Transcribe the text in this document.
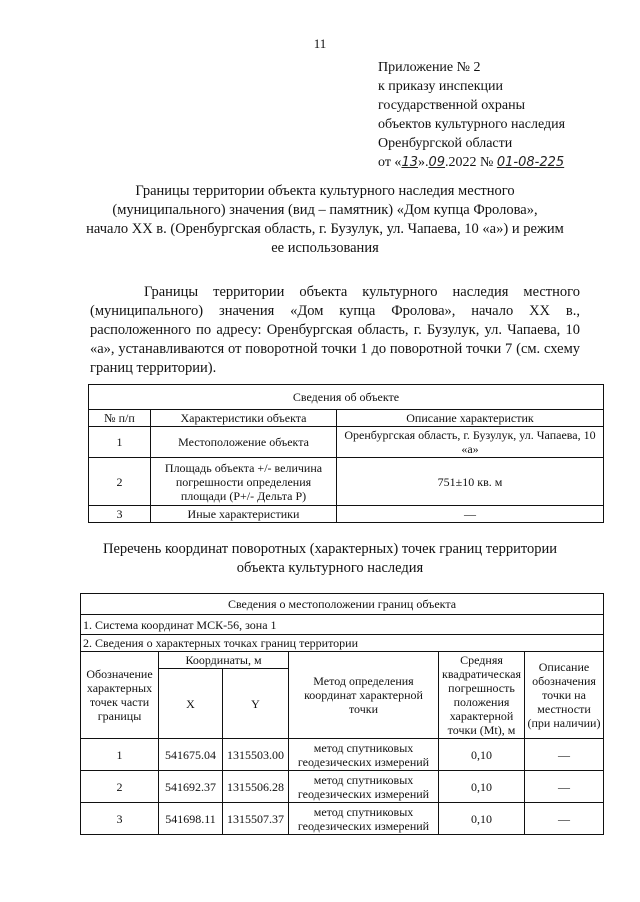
11
Приложение № 2
к приказу инспекции
государственной охраны
объектов культурного наследия
Оренбургской области
от «13».09.2022 № 01-08-225
Границы территории объекта культурного наследия местного
(муниципального) значения (вид – памятник) «Дом купца Фролова»,
начало XX в. (Оренбургская область, г. Бузулук, ул. Чапаева, 10 «а») и режим
ее использования
Границы территории объекта культурного наследия местного (муниципального) значения «Дом купца Фролова», начало XX в., расположенного по адресу: Оренбургская область, г. Бузулук, ул. Чапаева, 10 «а», устанавливаются от поворотной точки 1 до поворотной точки 7 (см. схему границ территории).
Сведения об объекте		
№ п/п	Характеристики объекта	Описание характеристик
1	Местоположение объекта	Оренбургская область, г. Бузулук, ул. Чапаева, 10 «а»
2	Площадь объекта +/- величина погрешности определения площади (P+/- Дельта P)	751±10 кв. м
3	Иные характеристики	—
Перечень координат поворотных (характерных) точек границ территории
объекта культурного наследия
Сведения о местоположении границ объекта					
1. Система координат МСК-56, зона 1					
2. Сведения о характерных точках границ территории					
Обозначение характерных точек части границы	Координаты, м		Метод определения координат характерной точки	Средняя квадратическая погрешность положения характерной точки (Mt), м	Описание обозначения точки на местности (при наличии)
	X	Y			
1	541675.04	1315503.00	метод спутниковых геодезических измерений	0,10	—
2	541692.37	1315506.28	метод спутниковых геодезических измерений	0,10	—
3	541698.11	1315507.37	метод спутниковых геодезических измерений	0,10	—
